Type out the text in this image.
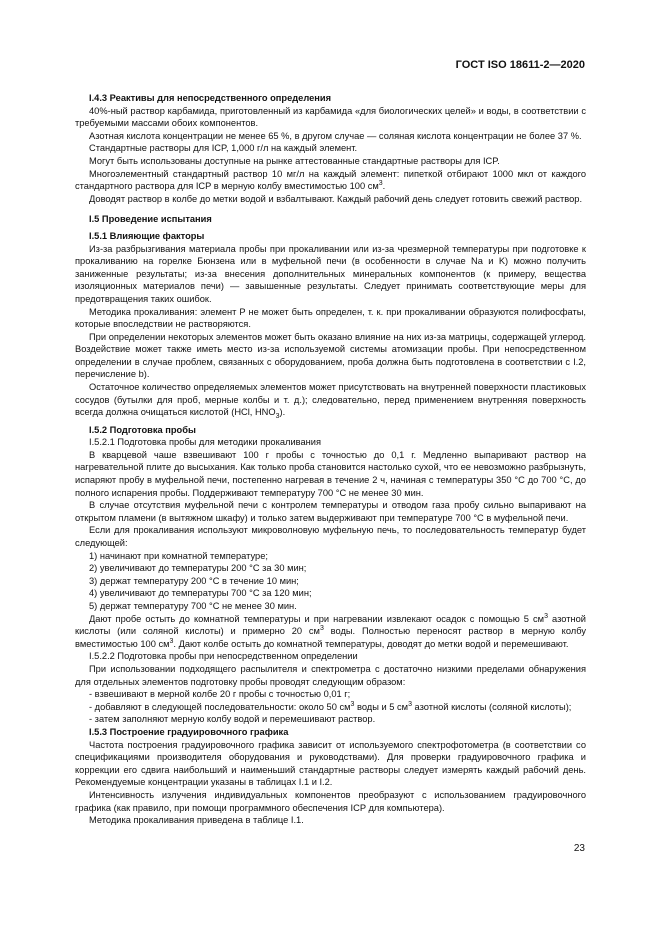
ГОСТ ISO 18611-2—2020

I.4.3 Реактивы для непосредственного определения

40%-ный раствор карбамида, приготовленный из карбамида «для биологических целей» и воды, в соответствии с требуемыми массами обоих компонентов.

Азотная кислота концентрации не менее 65 %, в другом случае — соляная кислота концентрации не более 37 %.

Стандартные растворы для ICP, 1,000 г/л на каждый элемент.

Могут быть использованы доступные на рынке аттестованные стандартные растворы для ICP.

Многоэлементный стандартный раствор 10 мг/л на каждый элемент: пипеткой отбирают 1000 мкл от каждого стандартного раствора для ICP в мерную колбу вместимостью 100 $см^3$.

Доводят раствор в колбе до метки водой и взбалтывают. Каждый рабочий день следует готовить свежий раствор.

I.5 Проведение испытания

I.5.1 Влияющие факторы

Из-за разбрызгивания материала пробы при прокаливании или из-за чрезмерной температуры при подготовке к прокаливанию на горелке Бюнзена или в муфельной печи (в особенности в случае Na и K) можно получить заниженные результаты; из-за внесения дополнительных минеральных компонентов (к примеру, вещества изоляционных материалов печи) — завышенные результаты. Следует принимать соответствующие меры для предотвращения таких ошибок.

Методика прокаливания: элемент P не может быть определен, т. к. при прокаливании образуются полифосфаты, которые впоследствии не растворяются.

При определении некоторых элементов может быть оказано влияние на них из-за матрицы, содержащей углерод. Воздействие может также иметь место из-за используемой системы атомизации пробы. При непосредственном определении в случае проблем, связанных с оборудованием, проба должна быть подготовлена в соответствии с I.2, перечисление b).

Остаточное количество определяемых элементов может присутствовать на внутренней поверхности пластиковых сосудов (бутылки для проб, мерные колбы и т. д.); следовательно, перед применением внутренняя поверхность всегда должна очищаться кислотой (HCl, $HNO_3$).

I.5.2 Подготовка пробы

I.5.2.1 Подготовка пробы для методики прокаливания

В кварцевой чаше взвешивают 100 г пробы с точностью до 0,1 г. Медленно выпаривают раствор на нагревательной плите до высыхания. Как только проба становится настолько сухой, что ее невозможно разбрызнуть, испаряют пробу в муфельной печи, постепенно нагревая в течение 2 ч, начиная с температуры 350 °C до 700 °C, до полного испарения пробы. Поддерживают температуру 700 °C не менее 30 мин.

В случае отсутствия муфельной печи с контролем температуры и отводом газа пробу сильно выпаривают на открытом пламени (в вытяжном шкафу) и только затем выдерживают при температуре 700 °C в муфельной печи.

Если для прокаливания используют микроволновую муфельную печь, то последовательность температур будет следующей:

1) начинают при комнатной температуре;

2) увеличивают до температуры 200 °C за 30 мин;

3) держат температуру 200 °C в течение 10 мин;

4) увеличивают до температуры 700 °C за 120 мин;

5) держат температуру 700 °C не менее 30 мин.

Дают пробе остыть до комнатной температуры и при нагревании извлекают осадок с помощью 5 $см^3$ азотной кислоты (или соляной кислоты) и примерно 20 $см^3$ воды. Полностью переносят раствор в мерную колбу вместимостью 100 $см^3$. Дают колбе остыть до комнатной температуры, доводят до метки водой и перемешивают.

I.5.2.2 Подготовка пробы при непосредственном определении

При использовании подходящего распылителя и спектрометра с достаточно низкими пределами обнаружения для отдельных элементов подготовку пробы проводят следующим образом:

- взвешивают в мерной колбе 20 г пробы с точностью 0,01 г;

- добавляют в следующей последовательности: около 50 $см^3$ воды и 5 $см^3$ азотной кислоты (соляной кислоты);

- затем заполняют мерную колбу водой и перемешивают раствор.

I.5.3 Построение градуировочного графика

Частота построения градуировочного графика зависит от используемого спектрофотометра (в соответствии со спецификациями производителя оборудования и руководствами). Для проверки градуировочного графика и коррекции его сдвига наибольший и наименьший стандартные растворы следует измерять каждый рабочий день. Рекомендуемые концентрации указаны в таблицах I.1 и I.2.

Интенсивность излучения индивидуальных компонентов преобразуют с использованием градуировочного графика (как правило, при помощи программного обеспечения ICP для компьютера).

Методика прокаливания приведена в таблице I.1.

23
